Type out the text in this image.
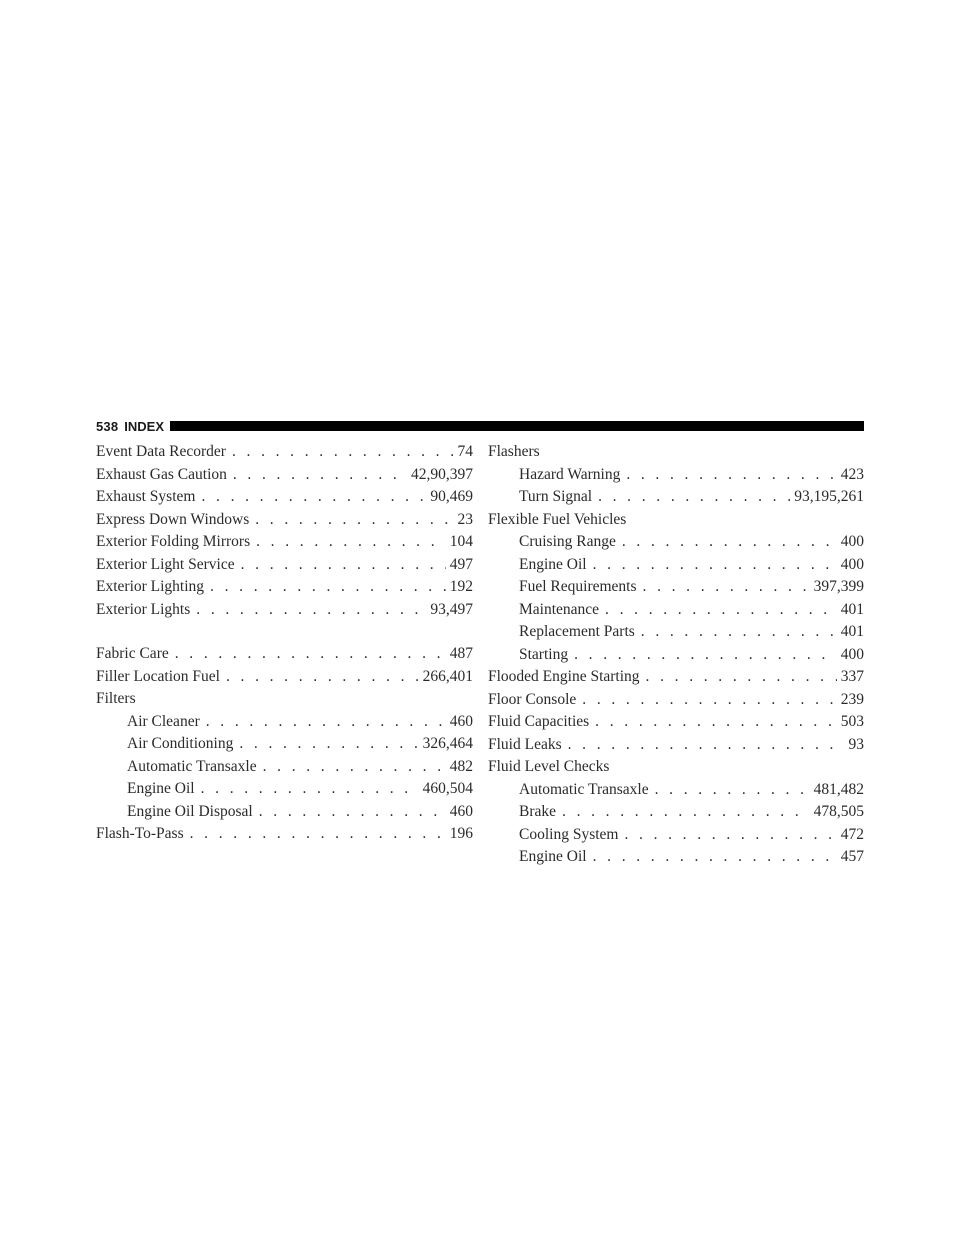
538 INDEX
Event Data Recorder . . .	74
Exhaust Gas Caution . . .	42,90,397
Exhaust System . . .	90,469
Express Down Windows . . .	23
Exterior Folding Mirrors . . .	104
Exterior Light Service . . .	497
Exterior Lighting . . .	192
Exterior Lights . . .	93,497
Fabric Care . . .	487
Filler Location Fuel . . .	266,401
Filters
Air Cleaner . . .	460
Air Conditioning . . .	326,464
Automatic Transaxle . . .	482
Engine Oil . . .	460,504
Engine Oil Disposal . . .	460
Flash-To-Pass . . .	196
Flashers
Hazard Warning . . .	423
Turn Signal . . .	93,195,261
Flexible Fuel Vehicles
Cruising Range . . .	400
Engine Oil . . .	400
Fuel Requirements . . .	397,399
Maintenance . . .	401
Replacement Parts . . .	401
Starting . . .	400
Flooded Engine Starting . . .	337
Floor Console . . .	239
Fluid Capacities . . .	503
Fluid Leaks . . .	93
Fluid Level Checks
Automatic Transaxle . . .	481,482
Brake . . .	478,505
Cooling System . . .	472
Engine Oil . . .	457
